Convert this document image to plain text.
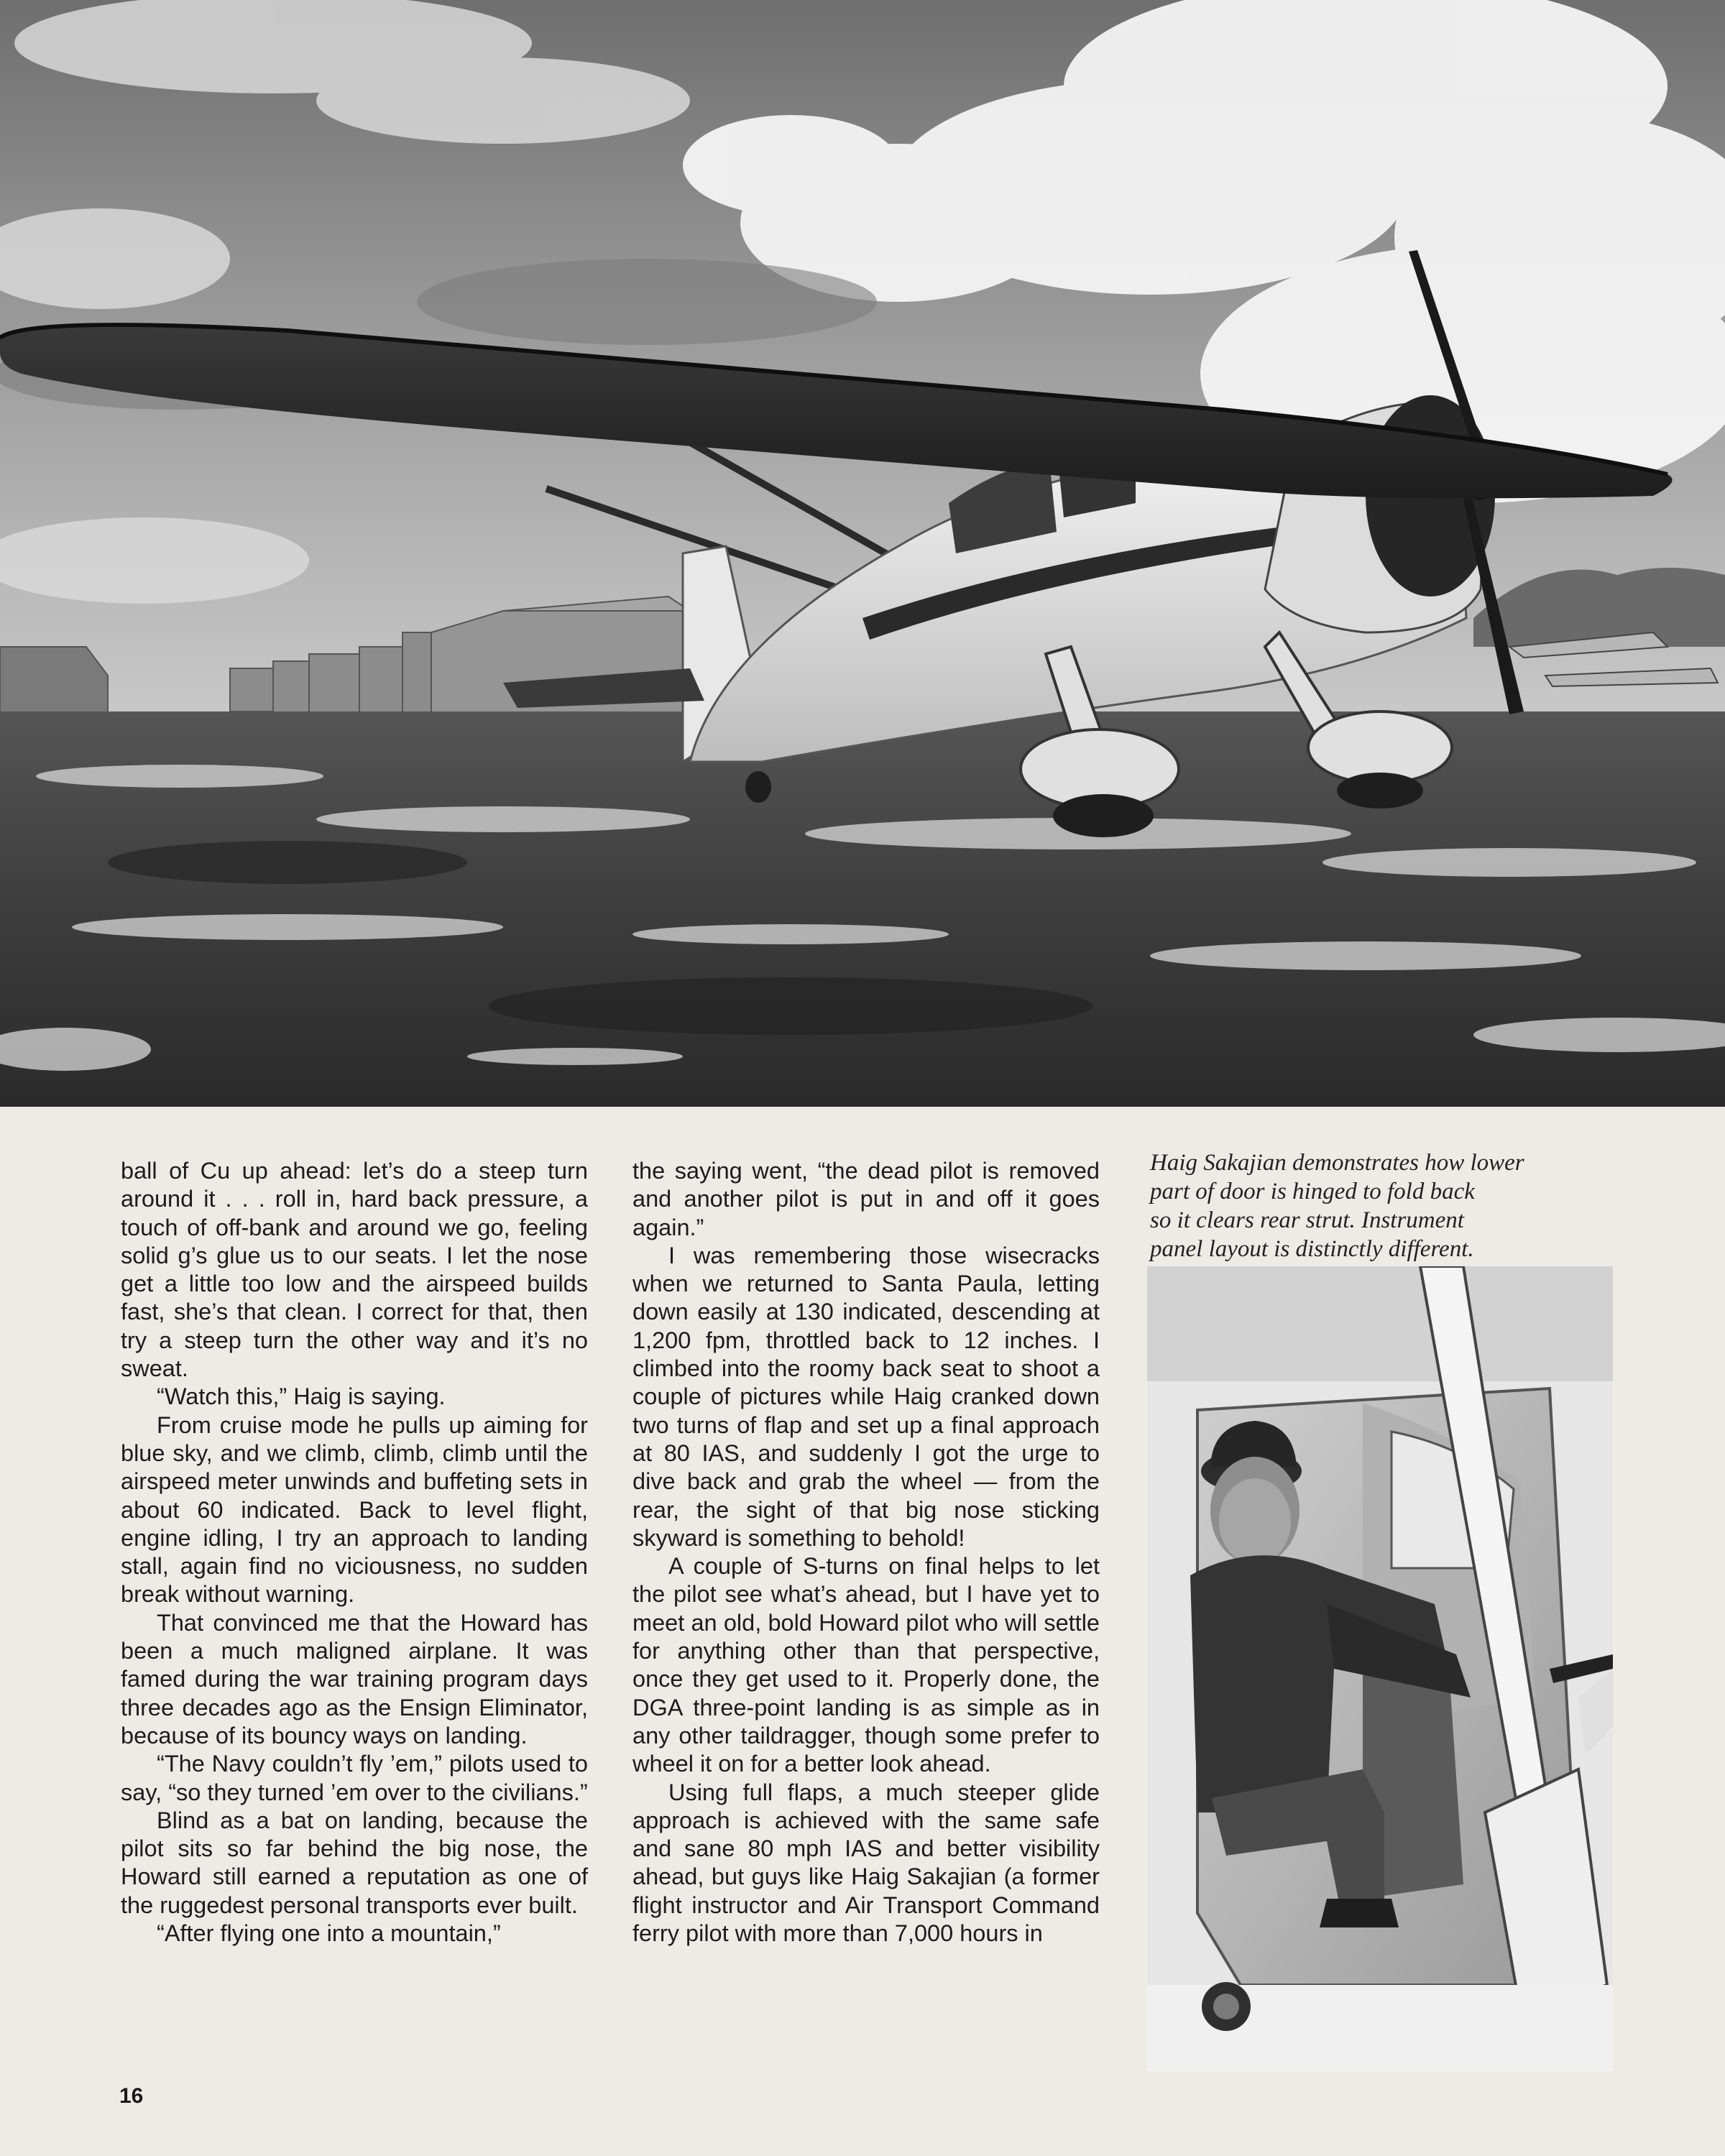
ball of Cu up ahead: let’s do a steep turn around it . . . roll in, hard back pressure, a touch of off-bank and around we go, feeling solid g’s glue us to our seats. I let the nose get a little too low and the airspeed builds fast, she’s that clean. I correct for that, then try a steep turn the other way and it’s no sweat.

“Watch this,” Haig is saying.

From cruise mode he pulls up aiming for blue sky, and we climb, climb, climb until the airspeed meter unwinds and buffeting sets in about 60 indicated. Back to level flight, engine idling, I try an approach to landing stall, again find no viciousness, no sudden break without warning.

That convinced me that the Howard has been a much maligned airplane. It was famed during the war training program days three decades ago as the Ensign Eliminator, because of its bouncy ways on landing.

“The Navy couldn’t fly ’em,” pilots used to say, “so they turned ’em over to the civilians.”

Blind as a bat on landing, because the pilot sits so far behind the big nose, the Howard still earned a reputation as one of the ruggedest personal transports ever built.

“After flying one into a mountain,”

the saying went, “the dead pilot is removed and another pilot is put in and off it goes again.”

I was remembering those wisecracks when we returned to Santa Paula, letting down easily at 130 indicated, descending at 1,200 fpm, throttled back to 12 inches. I climbed into the roomy back seat to shoot a couple of pictures while Haig cranked down two turns of flap and set up a final approach at 80 IAS, and suddenly I got the urge to dive back and grab the wheel — from the rear, the sight of that big nose sticking skyward is something to behold!

A couple of S-turns on final helps to let the pilot see what’s ahead, but I have yet to meet an old, bold Howard pilot who will settle for anything other than that perspective, once they get used to it. Properly done, the DGA three-point landing is as simple as in any other taildragger, though some prefer to wheel it on for a better look ahead.

Using full flaps, a much steeper glide approach is achieved with the same safe and sane 80 mph IAS and better visibility ahead, but guys like Haig Sakajian (a former flight instructor and Air Transport Command ferry pilot with more than 7,000 hours in

Haig Sakajian demonstrates how lower
part of door is hinged to fold back
so it clears rear strut. Instrument
panel layout is distinctly different.
16
